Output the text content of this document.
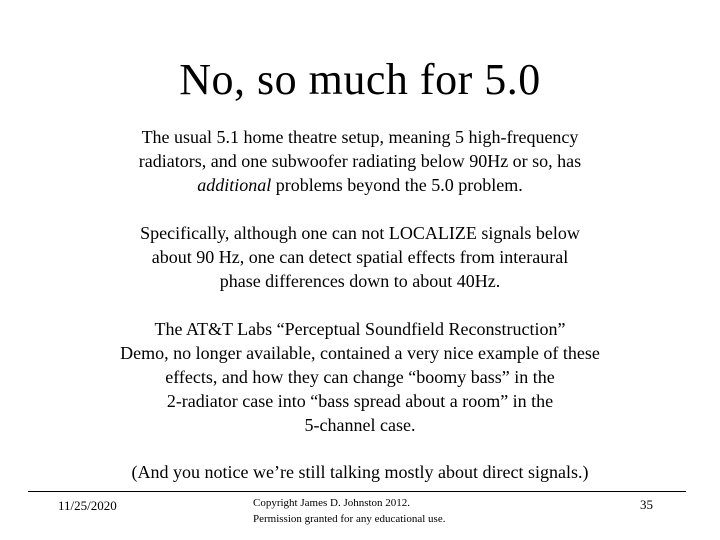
No, so much for 5.0
The usual 5.1 home theatre setup, meaning 5 high-frequency
radiators, and one subwoofer radiating below 90Hz or so, has
additional problems beyond the 5.0 problem.
Specifically, although one can not LOCALIZE signals below
about 90 Hz, one can detect spatial effects from interaural
phase differences down to about 40Hz.
The AT&T Labs “Perceptual Soundfield Reconstruction”
Demo, no longer available, contained a very nice example of these
effects, and how they can change “boomy bass” in the
2-radiator case into “bass spread about a room” in the
5-channel case.
(And you notice we’re still talking mostly about direct signals.)
11/25/2020	Copyright James D. Johnston 2012.
Permission granted for any educational use.
35
